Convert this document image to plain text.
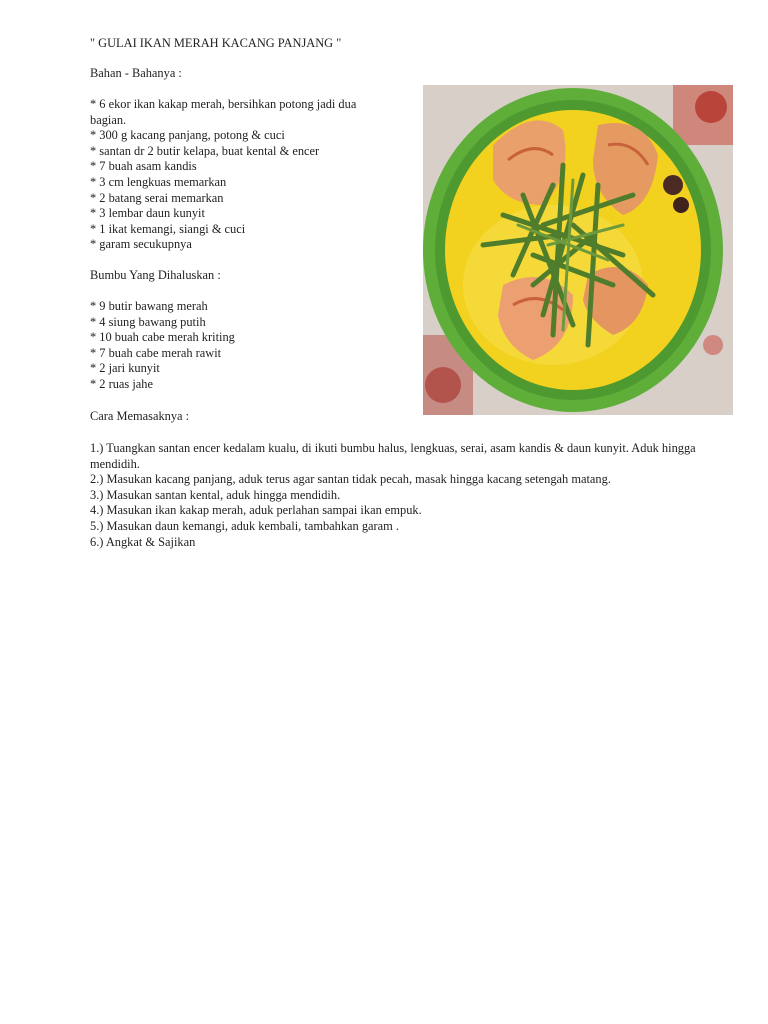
" GULAI IKAN MERAH KACANG PANJANG "
Bahan - Bahanya :
* 6 ekor ikan kakap merah, bersihkan potong jadi dua bagian.
* 300 g kacang panjang, potong & cuci
* santan dr 2 butir kelapa, buat kental & encer
* 7 buah asam kandis
* 3 cm lengkuas memarkan
* 2 batang serai memarkan
* 3 lembar daun kunyit
* 1 ikat kemangi, siangi & cuci
* garam secukupnya
Bumbu Yang Dihaluskan :
* 9 butir bawang merah
* 4 siung bawang putih
* 10 buah cabe merah kriting
* 7 buah cabe merah rawit
* 2 jari kunyit
* 2 ruas jahe
Cara Memasaknya :
1.) Tuangkan santan encer kedalam kualu, di ikuti bumbu halus, lengkuas, serai, asam kandis & daun kunyit. Aduk hingga mendidih.
2.) Masukan kacang panjang, aduk terus agar santan tidak pecah, masak hingga kacang setengah matang.
3.) Masukan santan kental, aduk hingga mendidih.
4.) Masukan ikan kakap merah, aduk perlahan sampai ikan empuk.
5.) Masukan daun kemangi, aduk kembali, tambahkan garam .
6.) Angkat & Sajikan
